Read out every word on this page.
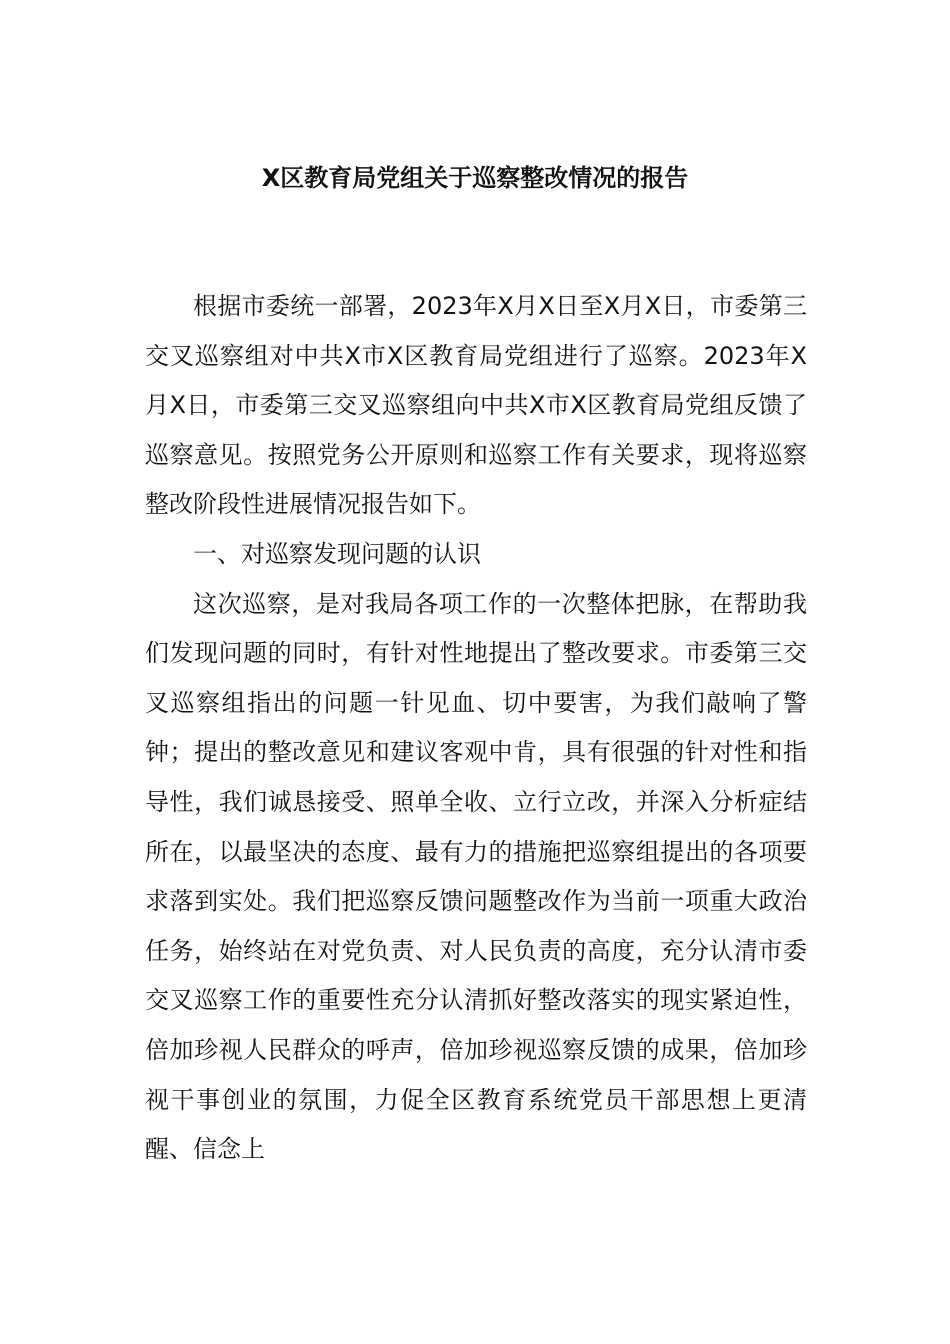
X区教育局党组关于巡察整改情况的报告

根据市委统一部署，2023年X月X日至X月X日，市委第三交叉巡察组对中共X市X区教育局党组进行了巡察。2023年X月X日，市委第三交叉巡察组向中共X市X区教育局党组反馈了巡察意见。按照党务公开原则和巡察工作有关要求，现将巡察整改阶段性进展情况报告如下。

一、对巡察发现问题的认识

这次巡察，是对我局各项工作的一次整体把脉，在帮助我们发现问题的同时，有针对性地提出了整改要求。市委第三交叉巡察组指出的问题一针见血、切中要害，为我们敲响了警钟；提出的整改意见和建议客观中肯，具有很强的针对性和指导性，我们诚恳接受、照单全收、立行立改，并深入分析症结所在，以最坚决的态度、最有力的措施把巡察组提出的各项要求落到实处。我们把巡察反馈问题整改作为当前一项重大政治任务，始终站在对党负责、对人民负责的高度，充分认清市委交叉巡察工作的重要性充分认清抓好整改落实的现实紧迫性，倍加珍视人民群众的呼声，倍加珍视巡察反馈的成果，倍加珍视干事创业的氛围，力促全区教育系统党员干部思想上更清醒、信念上
